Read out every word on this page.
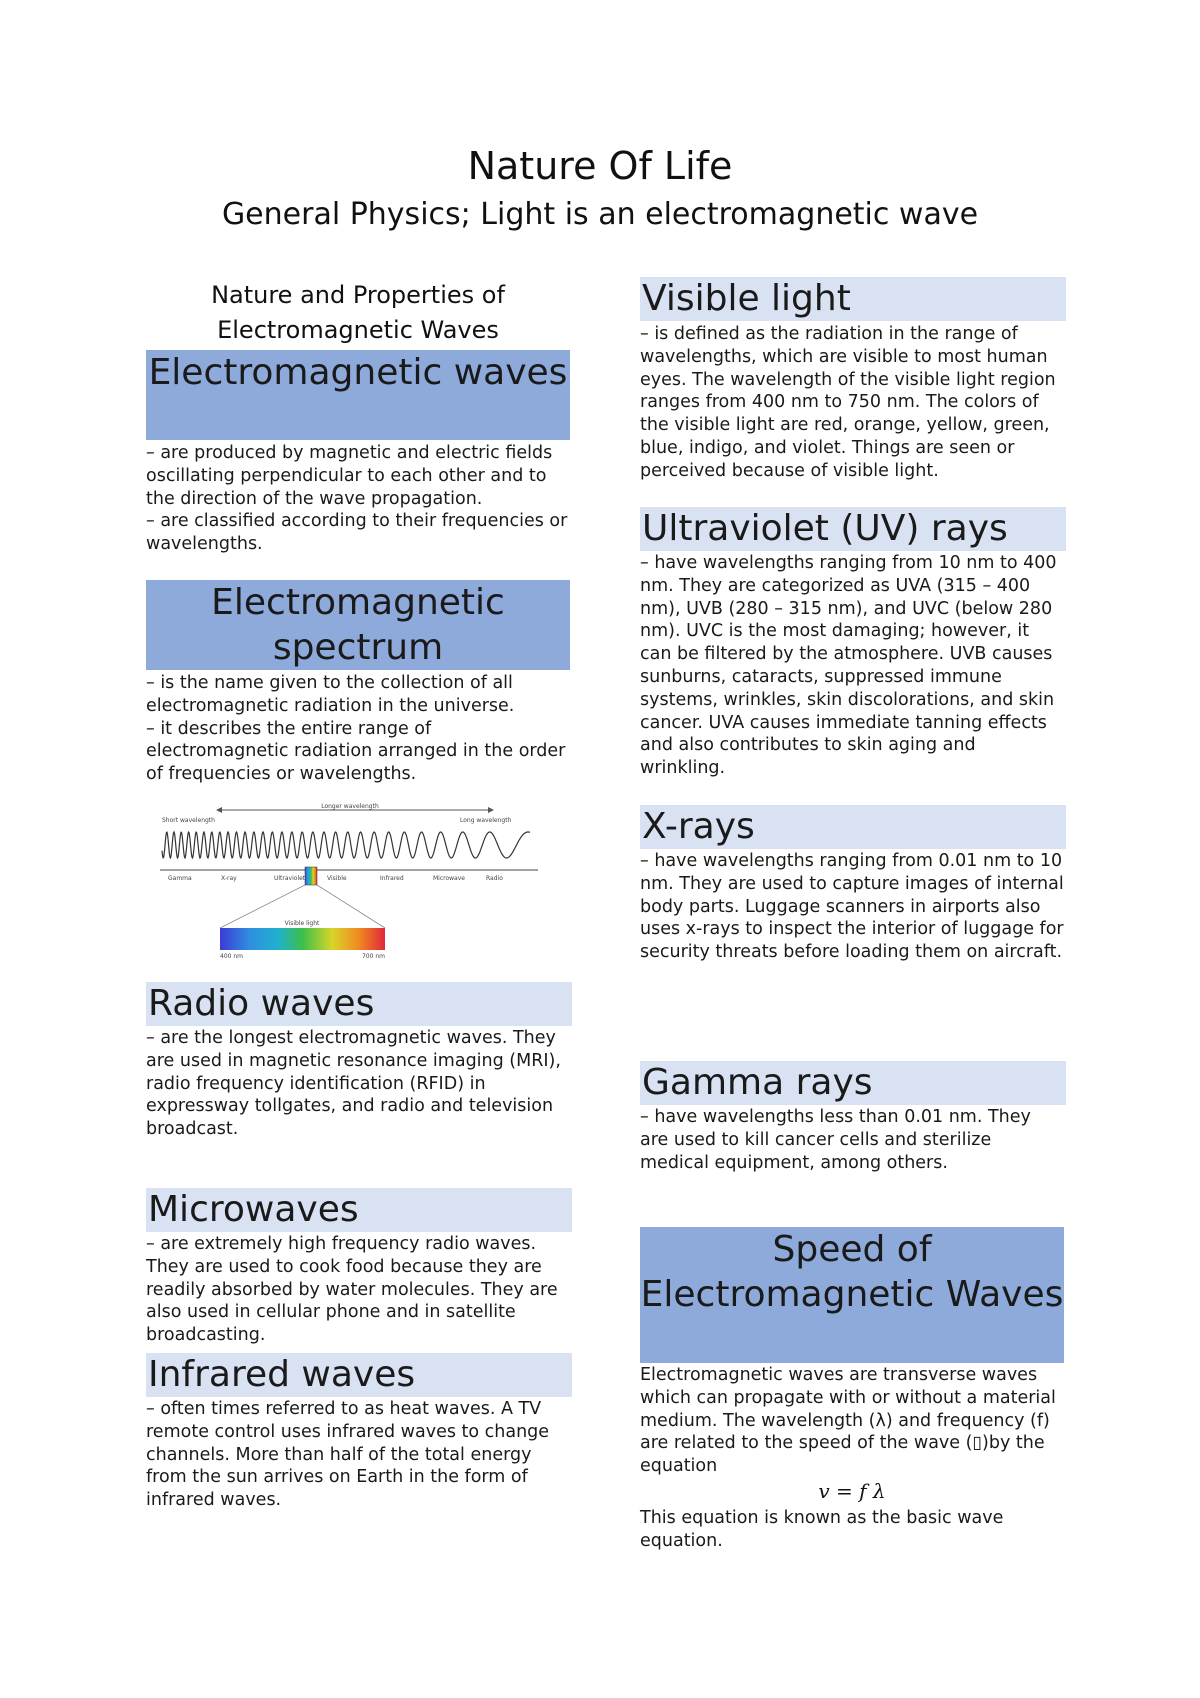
Nature Of Life
General Physics; Light is an electromagnetic wave
Nature and Properties of Electromagnetic Waves
Electromagnetic waves
– are produced by magnetic and electric fields oscillating perpendicular to each other and to the direction of the wave propagation.
– are classified according to their frequencies or wavelengths.
Electromagnetic spectrum
– is the name given to the collection of all electromagnetic radiation in the universe.
– it describes the entire range of electromagnetic radiation arranged in the order of frequencies or wavelengths.
Longer wavelength
Short wavelength	Long wavelength
Gamma	X-ray	Ultraviolet	Visible	Infrared	Microwave	Radio
Visible light
400 nm	700 nm
Radio waves
– are the longest electromagnetic waves. They are used in magnetic resonance imaging (MRI), radio frequency identification (RFID) in expressway tollgates, and radio and television broadcast.
Microwaves
– are extremely high frequency radio waves. They are used to cook food because they are readily absorbed by water molecules. They are also used in cellular phone and in satellite broadcasting.
Infrared waves
– often times referred to as heat waves. A TV remote control uses infrared waves to change channels. More than half of the total energy from the sun arrives on Earth in the form of infrared waves.
Visible light
– is defined as the radiation in the range of wavelengths, which are visible to most human eyes. The wavelength of the visible light region ranges from 400 nm to 750 nm. The colors of the visible light are red, orange, yellow, green, blue, indigo, and violet. Things are seen or perceived because of visible light.
Ultraviolet (UV) rays
– have wavelengths ranging from 10 nm to 400 nm. They are categorized as UVA (315 – 400 nm), UVB (280 – 315 nm), and UVC (below 280 nm). UVC is the most damaging; however, it can be filtered by the atmosphere. UVB causes sunburns, cataracts, suppressed immune systems, wrinkles, skin discolorations, and skin cancer. UVA causes immediate tanning effects and also contributes to skin aging and wrinkling.
X-rays
– have wavelengths ranging from 0.01 nm to 10 nm. They are used to capture images of internal body parts. Luggage scanners in airports also uses x-rays to inspect the interior of luggage for security threats before loading them on aircraft.
Gamma rays
– have wavelengths less than 0.01 nm. They are used to kill cancer cells and sterilize medical equipment, among others.
Speed of Electromagnetic Waves
Electromagnetic waves are transverse waves which can propagate with or without a material medium. The wavelength (λ) and frequency (f) are related to the speed of the wave (▯)by the equation
v = f λ
This equation is known as the basic wave equation.
